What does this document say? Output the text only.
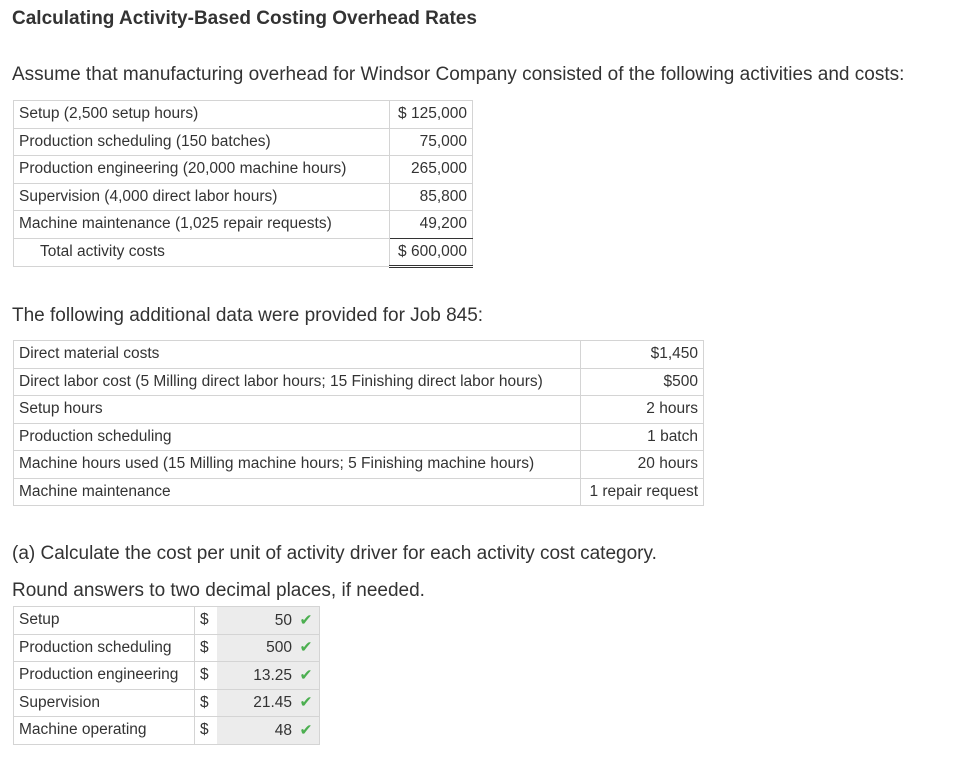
Calculating Activity-Based Costing Overhead Rates
Assume that manufacturing overhead for Windsor Company consisted of the following activities and costs:
Setup (2,500 setup hours)	$ 125,000
Production scheduling (150 batches)	75,000
Production engineering (20,000 machine hours)	265,000
Supervision (4,000 direct labor hours)	85,800
Machine maintenance (1,025 repair requests)	49,200
Total activity costs	$ 600,000
The following additional data were provided for Job 845:
Direct material costs	$1,450
Direct labor cost (5 Milling direct labor hours; 15 Finishing direct labor hours)	$500
Setup hours	2 hours
Production scheduling	1 batch
Machine hours used (15 Milling machine hours; 5 Finishing machine hours)	20 hours
Machine maintenance	1 repair request
(a) Calculate the cost per unit of activity driver for each activity cost category.
Round answers to two decimal places, if needed.
Setup	$	50 ✔
Production scheduling	$	500 ✔
Production engineering	$	13.25 ✔
Supervision	$	21.45 ✔
Machine operating	$	48 ✔
